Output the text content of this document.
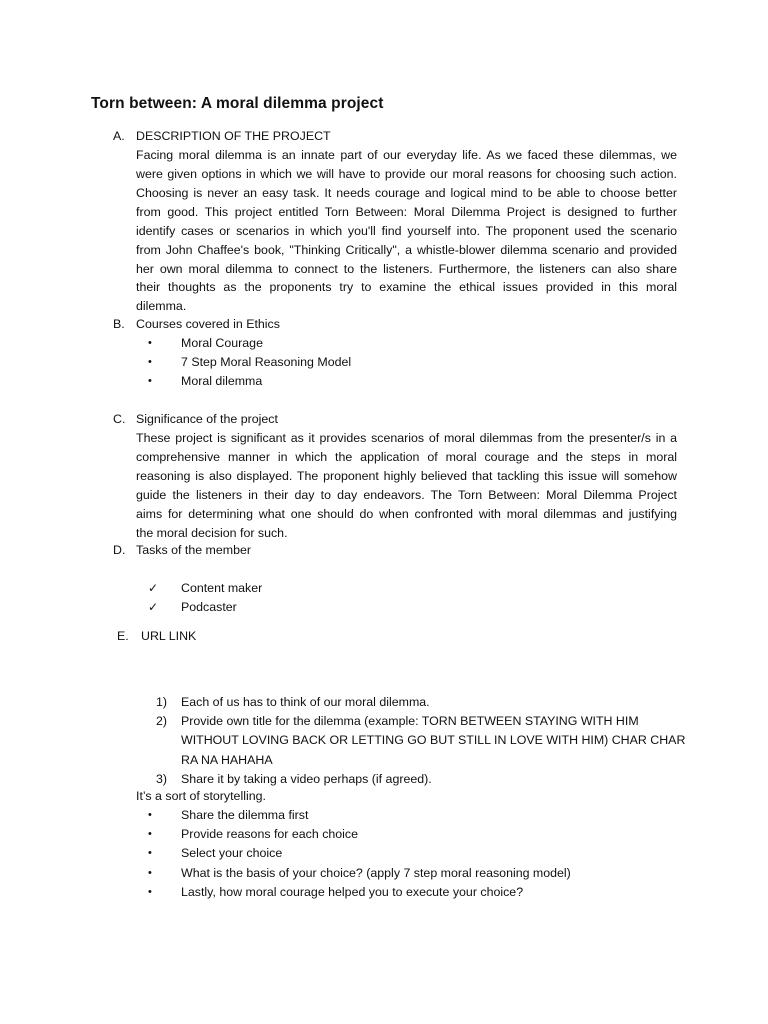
Torn between: A moral dilemma project
A. DESCRIPTION OF THE PROJECT
Facing moral dilemma is an innate part of our everyday life. As we faced these dilemmas, we
were given options in which we will have to provide our moral reasons for choosing such action.
Choosing is never an easy task. It needs courage and logical mind to be able to choose better
from good. This project entitled Torn Between: Moral Dilemma Project is designed to further
identify cases or scenarios in which you'll find yourself into. The proponent used the scenario
from John Chaffee's book, "Thinking Critically", a whistle-blower dilemma scenario and provided
her own moral dilemma to connect to the listeners. Furthermore, the listeners can also share
their thoughts as the proponents try to examine the ethical issues provided in this moral
dilemma.
B. Courses covered in Ethics
• Moral Courage
• 7 Step Moral Reasoning Model
• Moral dilemma
C. Significance of the project
These project is significant as it provides scenarios of moral dilemmas from the presenter/s in a
comprehensive manner in which the application of moral courage and the steps in moral
reasoning is also displayed. The proponent highly believed that tackling this issue will somehow
guide the listeners in their day to day endeavors. The Torn Between: Moral Dilemma Project
aims for determining what one should do when confronted with moral dilemmas and justifying
the moral decision for such.
D. Tasks of the member
✓ Content maker
✓ Podcaster
E. URL LINK
1) Each of us has to think of our moral dilemma.
2) Provide own title for the dilemma (example: TORN BETWEEN STAYING WITH HIM
WITHOUT LOVING BACK OR LETTING GO BUT STILL IN LOVE WITH HIM) CHAR CHAR
RA NA HAHAHA
3) Share it by taking a video perhaps (if agreed).
It’s a sort of storytelling.
• Share the dilemma first
• Provide reasons for each choice
• Select your choice
• What is the basis of your choice? (apply 7 step moral reasoning model)
• Lastly, how moral courage helped you to execute your choice?
